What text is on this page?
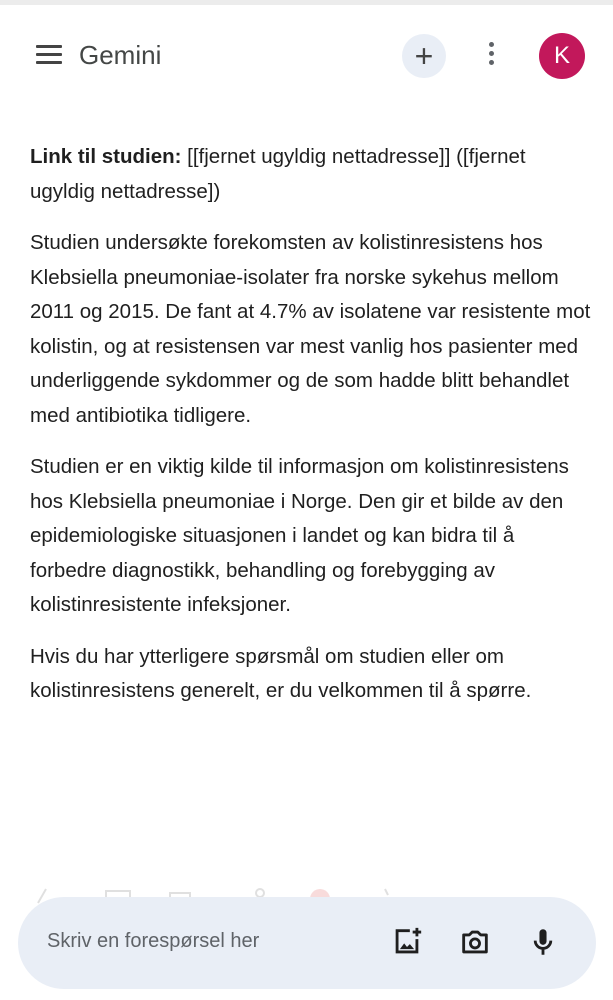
Gemini	+	K

Link til studien: [[fjernet ugyldig nettadresse]] ([fjernet ugyldig nettadresse])

Studien undersøkte forekomsten av kolistinresistens hos Klebsiella pneumoniae-isolater fra norske sykehus mellom 2011 og 2015. De fant at 4.7% av isolatene var resistente mot kolistin, og at resistensen var mest vanlig hos pasienter med underliggende sykdommer og de som hadde blitt behandlet med antibiotika tidligere.

Studien er en viktig kilde til informasjon om kolistinresistens hos Klebsiella pneumoniae i Norge. Den gir et bilde av den epidemiologiske situasjonen i landet og kan bidra til å forbedre diagnostikk, behandling og forebygging av kolistinresistente infeksjoner.

Hvis du har ytterligere spørsmål om studien eller om kolistinresistens generelt, er du velkommen til å spørre.

Skriv en forespørsel her
